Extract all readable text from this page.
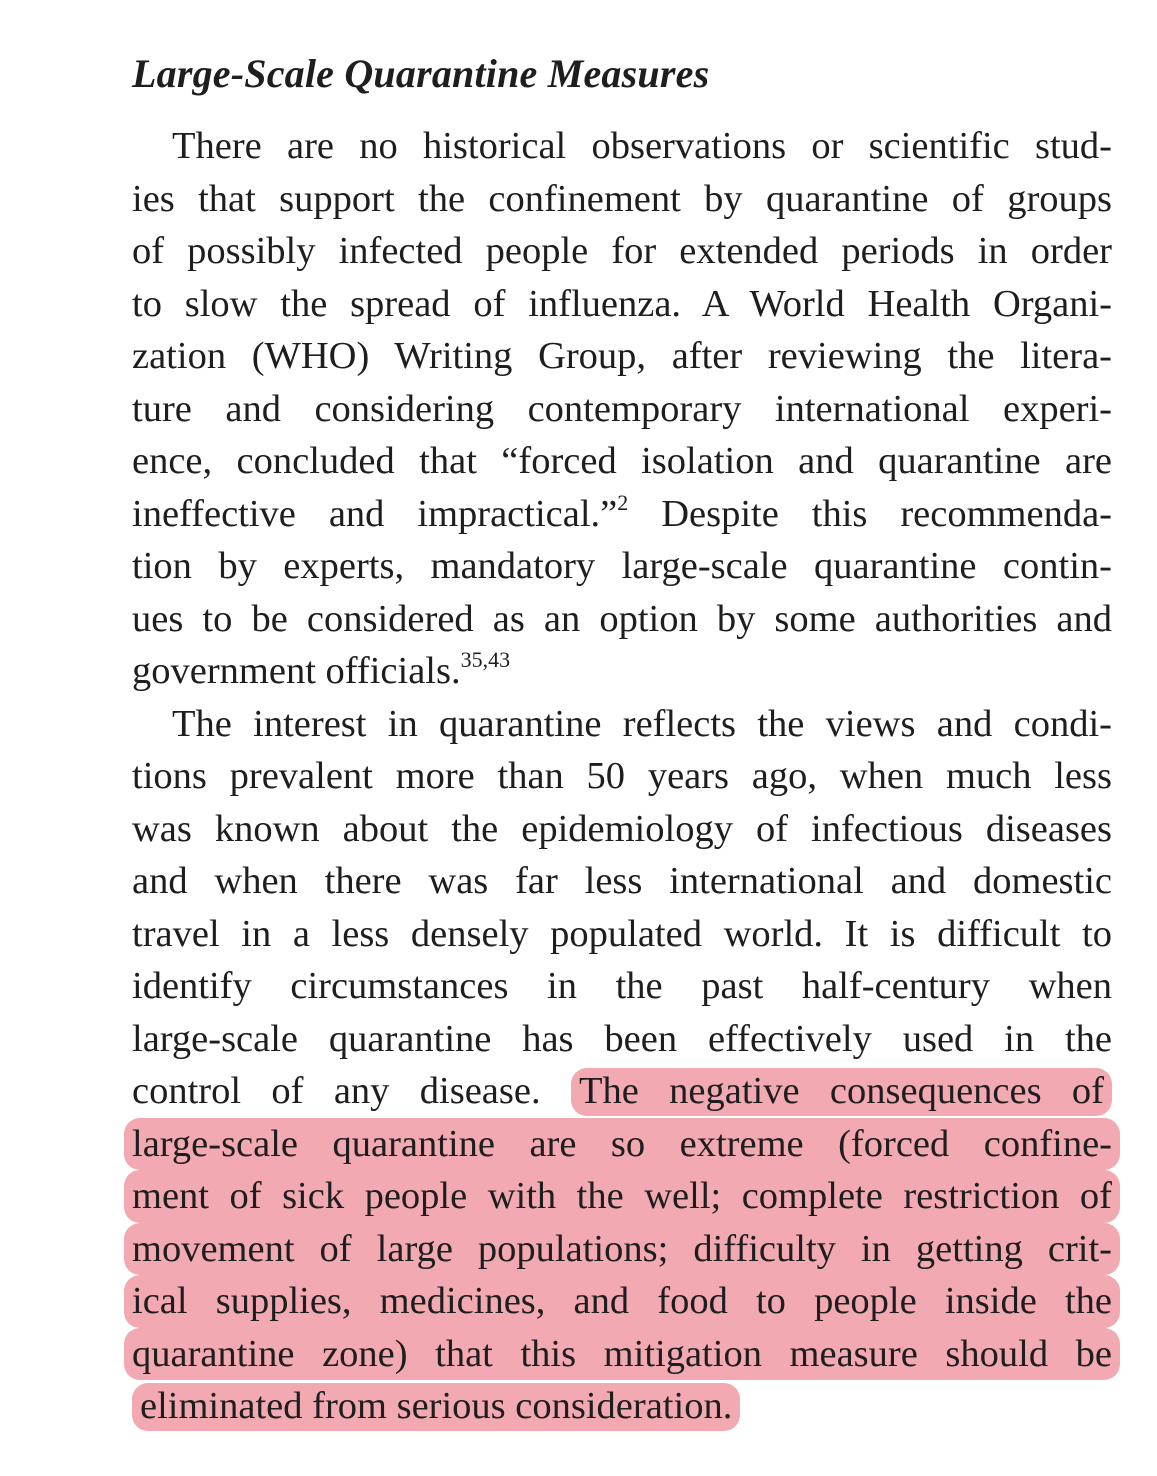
Large-Scale Quarantine Measures
There are no historical observations or scientific stud-
ies that support the confinement by quarantine of groups
of possibly infected people for extended periods in order
to slow the spread of influenza. A World Health Organi-
zation (WHO) Writing Group, after reviewing the litera-
ture and considering contemporary international experi-
ence, concluded that “forced isolation and quarantine are
ineffective and impractical.”$^2$ Despite this recommenda-
tion by experts, mandatory large-scale quarantine contin-
ues to be considered as an option by some authorities and
government officials.$^{35,43}$
The interest in quarantine reflects the views and condi-
tions prevalent more than 50 years ago, when much less
was known about the epidemiology of infectious diseases
and when there was far less international and domestic
travel in a less densely populated world. It is difficult to
identify circumstances in the past half-century when
large-scale quarantine has been effectively used in the
control of any disease. The negative consequences of
large-scale quarantine are so extreme (forced confine-
ment of sick people with the well; complete restriction of
movement of large populations; difficulty in getting crit-
ical supplies, medicines, and food to people inside the
quarantine zone) that this mitigation measure should be
eliminated from serious consideration.
